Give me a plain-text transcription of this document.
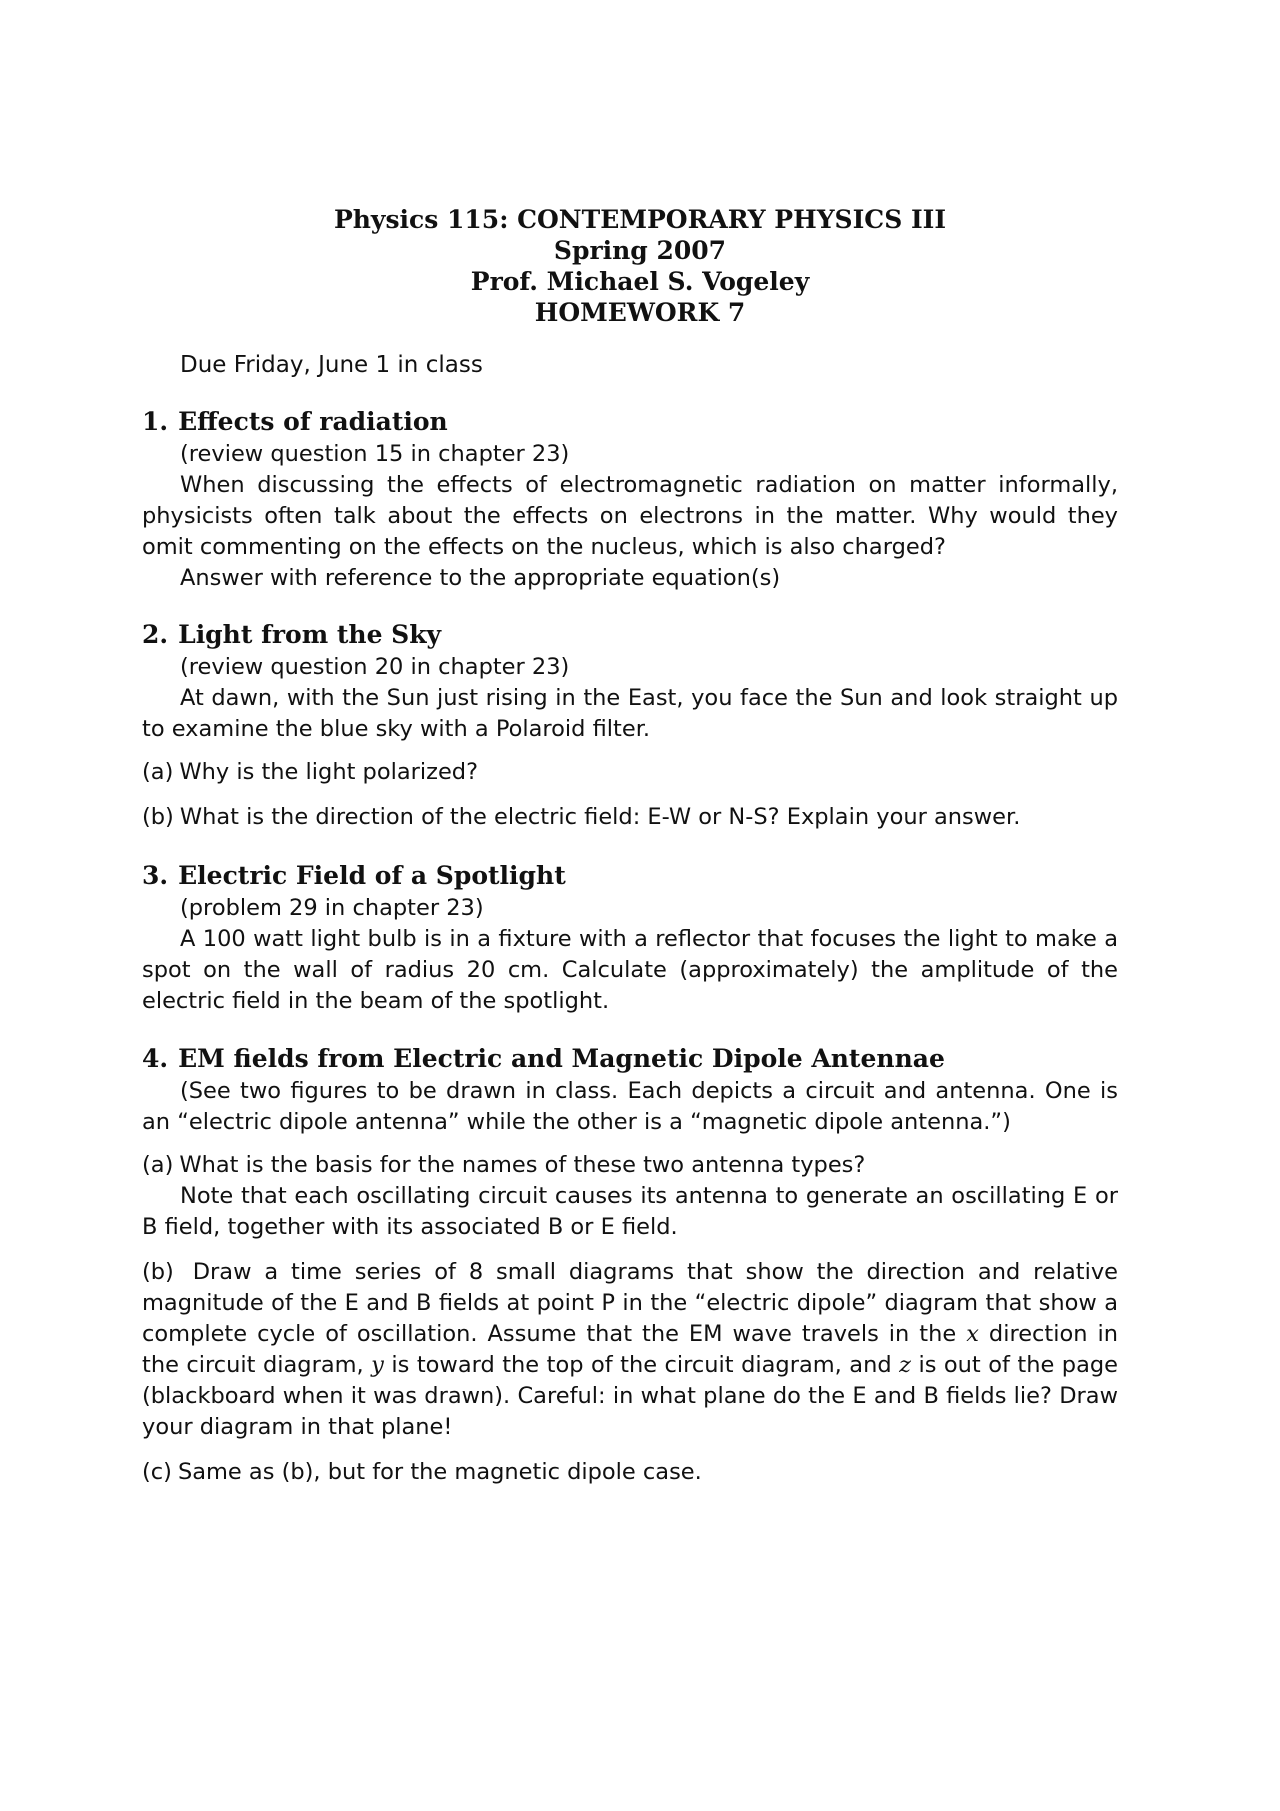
Physics 115: CONTEMPORARY PHYSICS III
Spring 2007
Prof. Michael S. Vogeley
HOMEWORK 7
Due Friday, June 1 in class
1. Effects of radiation
(review question 15 in chapter 23)
When discussing the effects of electromagnetic radiation on matter informally, physicists often talk about the effects on electrons in the matter. Why would they omit commenting on the effects on the nucleus, which is also charged?
Answer with reference to the appropriate equation(s)
2. Light from the Sky
(review question 20 in chapter 23)
At dawn, with the Sun just rising in the East, you face the Sun and look straight up to examine the blue sky with a Polaroid filter.
(a) Why is the light polarized?
(b) What is the direction of the electric field: E-W or N-S? Explain your answer.
3. Electric Field of a Spotlight
(problem 29 in chapter 23)
A 100 watt light bulb is in a fixture with a reflector that focuses the light to make a spot on the wall of radius 20 cm. Calculate (approximately) the amplitude of the electric field in the beam of the spotlight.
4. EM fields from Electric and Magnetic Dipole Antennae
(See two figures to be drawn in class. Each depicts a circuit and antenna. One is an “electric dipole antenna” while the other is a “magnetic dipole antenna.”)
(a) What is the basis for the names of these two antenna types?
Note that each oscillating circuit causes its antenna to generate an oscillating E or B field, together with its associated B or E field.
(b) Draw a time series of 8 small diagrams that show the direction and relative magnitude of the E and B fields at point P in the “electric dipole” diagram that show a complete cycle of oscillation. Assume that the EM wave travels in the x direction in the circuit diagram, y is toward the top of the circuit diagram, and z is out of the page (blackboard when it was drawn). Careful: in what plane do the E and B fields lie? Draw your diagram in that plane!
(c) Same as (b), but for the magnetic dipole case.
